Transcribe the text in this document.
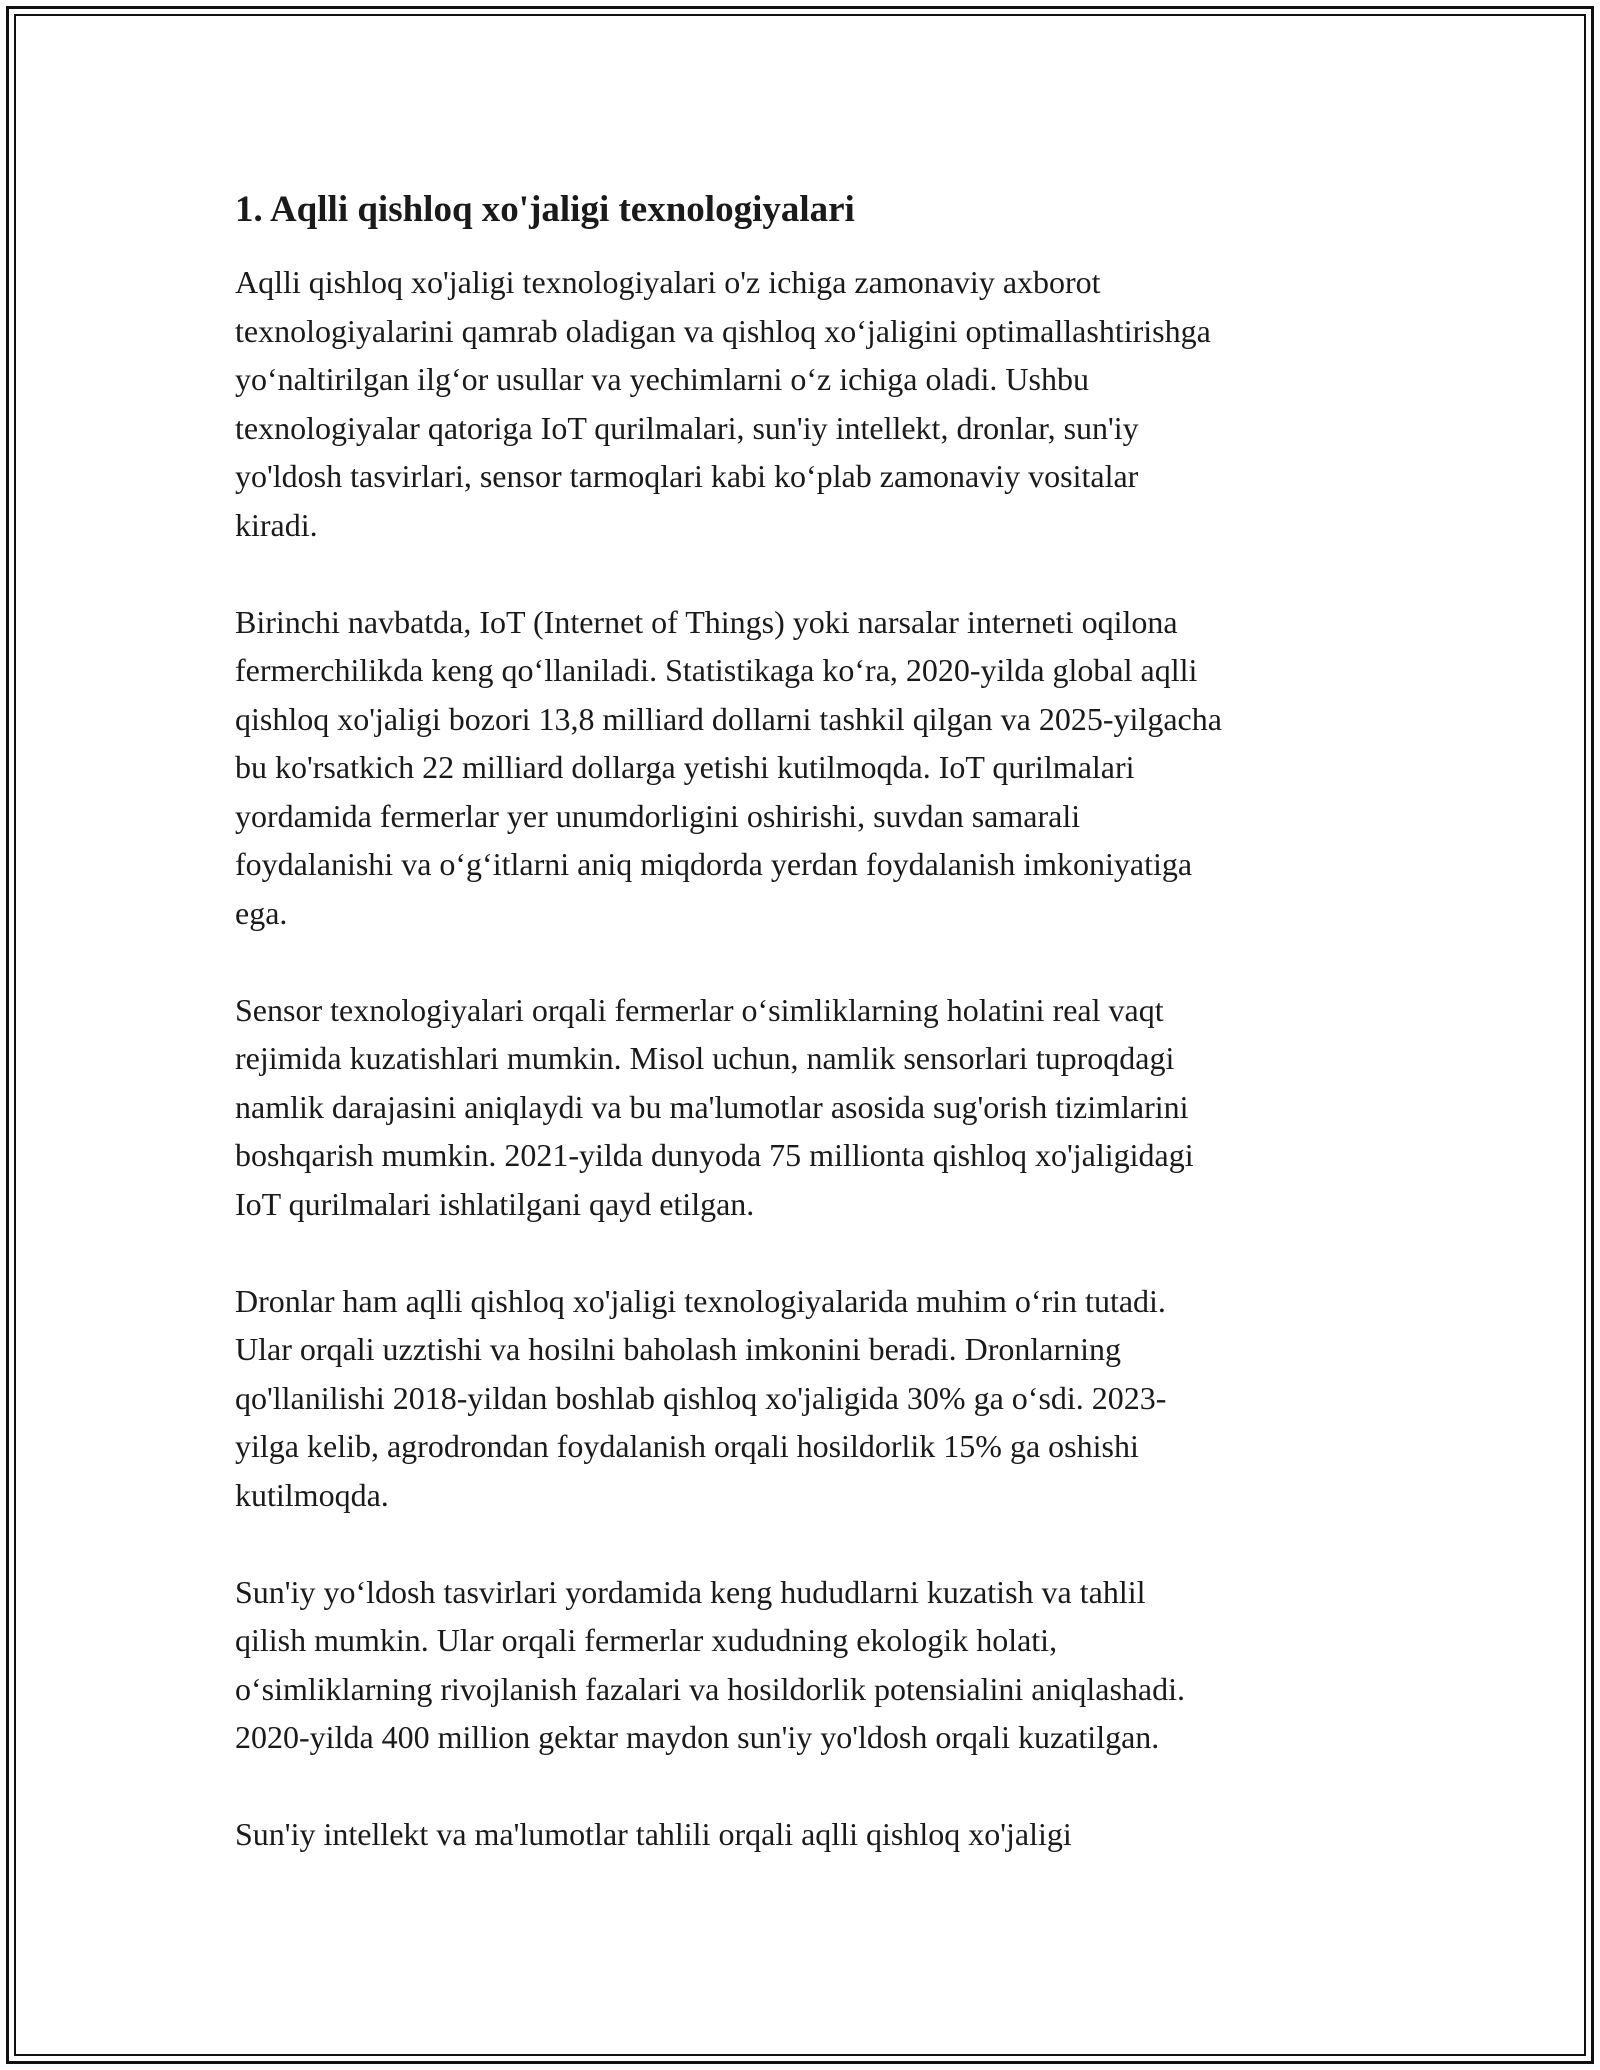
1. Aqlli qishloq xo'jaligi texnologiyalari

Aqlli qishloq xo'jaligi texnologiyalari o'z ichiga zamonaviy axborot
texnologiyalarini qamrab oladigan va qishloq xoʻjaligini optimallashtirishga
yoʻnaltirilgan ilgʻor usullar va yechimlarni oʻz ichiga oladi. Ushbu
texnologiyalar qatoriga IoT qurilmalari, sun'iy intellekt, dronlar, sun'iy
yo'ldosh tasvirlari, sensor tarmoqlari kabi koʻplab zamonaviy vositalar
kiradi.

Birinchi navbatda, IoT (Internet of Things) yoki narsalar interneti oqilona
fermerchilikda keng qoʻllaniladi. Statistikaga koʻra, 2020-yilda global aqlli
qishloq xo'jaligi bozori 13,8 milliard dollarni tashkil qilgan va 2025-yilgacha
bu ko'rsatkich 22 milliard dollarga yetishi kutilmoqda. IoT qurilmalari
yordamida fermerlar yer unumdorligini oshirishi, suvdan samarali
foydalanishi va oʻgʻitlarni aniq miqdorda yerdan foydalanish imkoniyatiga
ega.

Sensor texnologiyalari orqali fermerlar oʻsimliklarning holatini real vaqt
rejimida kuzatishlari mumkin. Misol uchun, namlik sensorlari tuproqdagi
namlik darajasini aniqlaydi va bu ma'lumotlar asosida sug'orish tizimlarini
boshqarish mumkin. 2021-yilda dunyoda 75 millionta qishloq xo'jaligidagi
IoT qurilmalari ishlatilgani qayd etilgan.

Dronlar ham aqlli qishloq xo'jaligi texnologiyalarida muhim oʻrin tutadi.
Ular orqali uzztishi va hosilni baholash imkonini beradi. Dronlarning
qo'llanilishi 2018-yildan boshlab qishloq xo'jaligida 30% ga oʻsdi. 2023-
yilga kelib, agrodrondan foydalanish orqali hosildorlik 15% ga oshishi
kutilmoqda.

Sun'iy yoʻldosh tasvirlari yordamida keng hududlarni kuzatish va tahlil
qilish mumkin. Ular orqali fermerlar xududning ekologik holati,
oʻsimliklarning rivojlanish fazalari va hosildorlik potensialini aniqlashadi.
2020-yilda 400 million gektar maydon sun'iy yo'ldosh orqali kuzatilgan.

Sun'iy intellekt va ma'lumotlar tahlili orqali aqlli qishloq xo'jaligi
